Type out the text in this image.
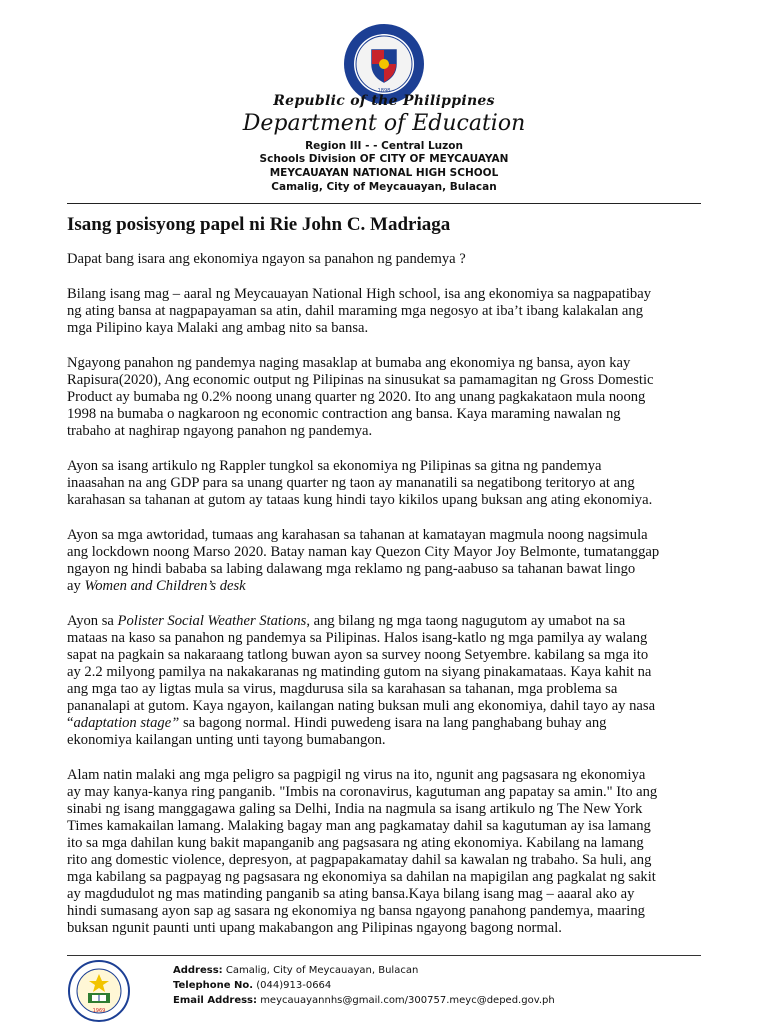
1898
Republic of the Philippines
Department of Education
Region III - - Central Luzon
Schools Division OF CITY OF MEYCAUAYAN
MEYCAUAYAN NATIONAL HIGH SCHOOL
Camalig, City of Meycauayan, Bulacan
Isang posisyong papel ni Rie John C. Madriaga

Dapat bang isara ang ekonomiya ngayon sa panahon ng pandemya ?

Bilang isang mag – aaral ng Meycauayan National High school, isa ang ekonomiya sa nagpapatibay
ng ating bansa at nagpapayaman sa atin, dahil maraming mga negosyo at iba’t ibang kalakalan ang
mga Pilipino kaya Malaki ang ambag nito sa bansa.

Ngayong panahon ng pandemya naging masaklap at bumaba ang ekonomiya ng bansa, ayon kay
Rapisura(2020), Ang economic output ng Pilipinas na sinusukat sa pamamagitan ng Gross Domestic
Product ay bumaba ng 0.2% noong unang quarter ng 2020. Ito ang unang pagkakataon mula noong
1998 na bumaba o nagkaroon ng economic contraction ang bansa. Kaya maraming nawalan ng
trabaho at naghirap ngayong panahon ng pandemya.

Ayon sa isang artikulo ng Rappler tungkol sa ekonomiya ng Pilipinas sa gitna ng pandemya
inaasahan na ang GDP para sa unang quarter ng taon ay mananatili sa negatibong teritoryo at ang
karahasan sa tahanan at gutom ay tataas kung hindi tayo kikilos upang buksan ang ating ekonomiya.

Ayon sa mga awtoridad, tumaas ang karahasan sa tahanan at kamatayan magmula noong nagsimula
ang lockdown noong Marso 2020. Batay naman kay Quezon City Mayor Joy Belmonte, tumatanggap
ngayon ng hindi bababa sa labing dalawang mga reklamo ng pang-aabuso sa tahanan bawat lingo
ay Women and Children’s desk

Ayon sa Polister Social Weather Stations, ang bilang ng mga taong nagugutom ay umabot na sa
mataas na kaso sa panahon ng pandemya sa Pilipinas. Halos isang-katlo ng mga pamilya ay walang
sapat na pagkain sa nakaraang tatlong buwan ayon sa survey noong Setyembre. kabilang sa mga ito
ay 2.2 milyong pamilya na nakakaranas ng matinding gutom na siyang pinakamataas. Kaya kahit na
ang mga tao ay ligtas mula sa virus, magdurusa sila sa karahasan sa tahanan, mga problema sa
pananalapi at gutom. Kaya ngayon, kailangan nating buksan muli ang ekonomiya, dahil tayo ay nasa
“adaptation stage” sa bagong normal. Hindi puwedeng isara na lang panghabang buhay ang
ekonomiya kailangan unting unti tayong bumabangon.

Alam natin malaki ang mga peligro sa pagpigil ng virus na ito, ngunit ang pagsasara ng ekonomiya
ay may kanya-kanya ring panganib. "Imbis na coronavirus, kagutuman ang papatay sa amin." Ito ang
sinabi ng isang manggagawa galing sa Delhi, India na nagmula sa isang artikulo ng The New York
Times kamakailan lamang. Malaking bagay man ang pagkamatay dahil sa kagutuman ay isa lamang
ito sa mga dahilan kung bakit mapanganib ang pagsasara ng ating ekonomiya. Kabilang na lamang
rito ang domestic violence, depresyon, at pagpapakamatay dahil sa kawalan ng trabaho. Sa huli, ang
mga kabilang sa pagpayag ng pagsasara ng ekonomiya sa dahilan na mapigilan ang pagkalat ng sakit
ay magdudulot ng mas matinding panganib sa ating bansa.Kaya bilang isang mag – aaaral ako ay
hindi sumasang ayon sap ag sasara ng ekonomiya ng bansa ngayong panahong pandemya, maaring
buksan ngunit paunti unti upang makabangon ang Pilipinas ngayong bagong normal.

1969
Address: Camalig, City of Meycauayan, Bulacan
Telephone No. (044)913-0664
Email Address: meycauayannhs@gmail.com/300757.meyc@deped.gov.ph
